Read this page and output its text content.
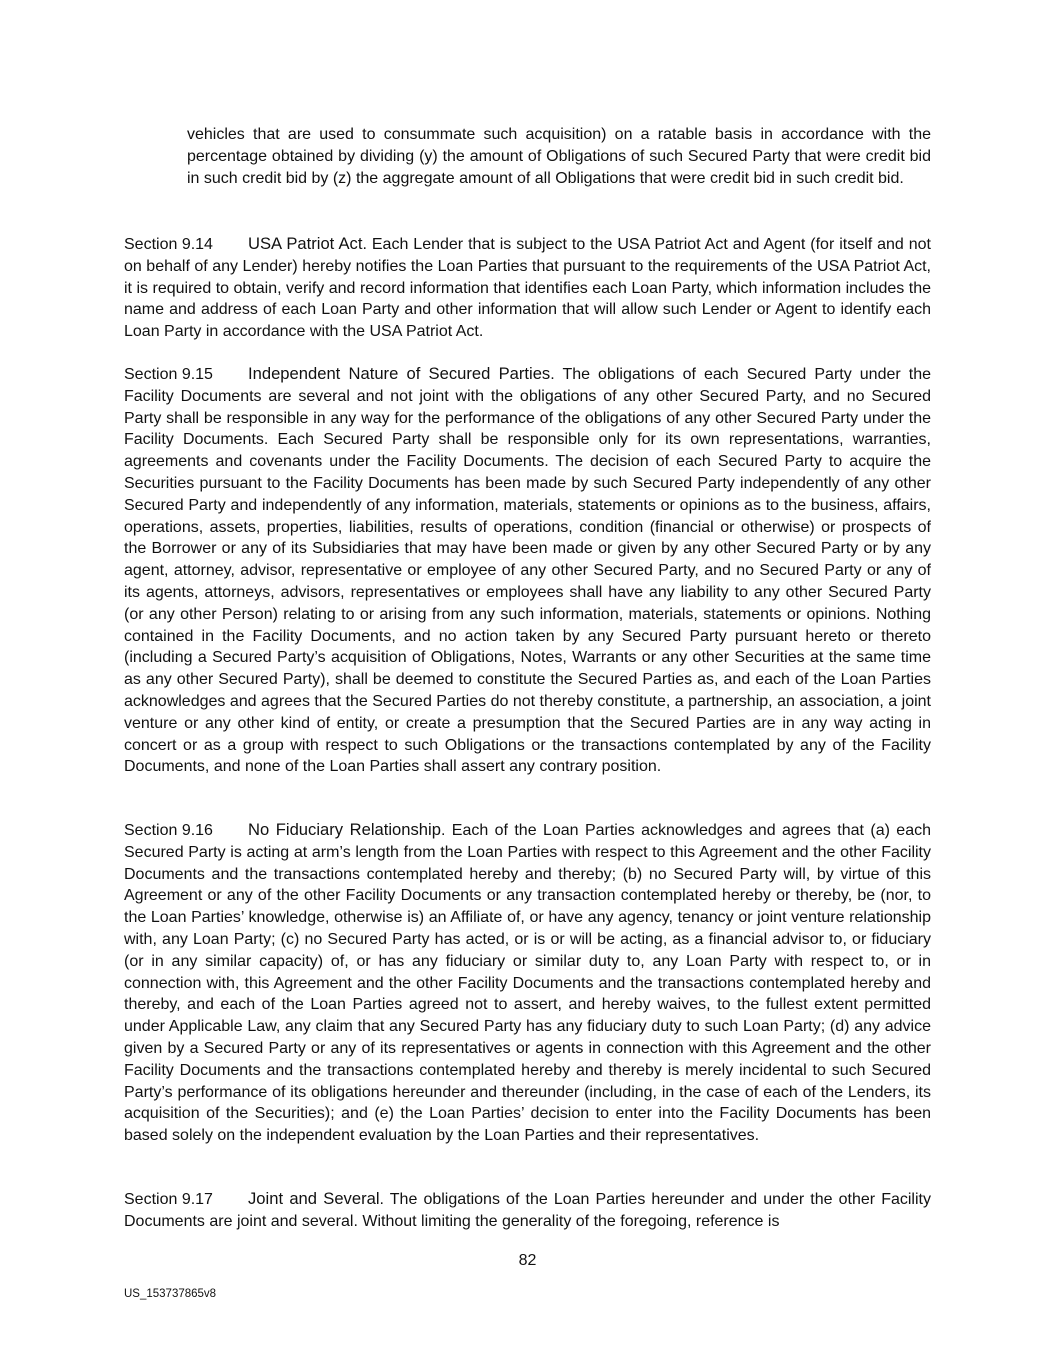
vehicles that are used to consummate such acquisition) on a ratable basis in accordance with the percentage obtained by dividing (y) the amount of Obligations of such Secured Party that were credit bid in such credit bid by (z) the aggregate amount of all Obligations that were credit bid in such credit bid.

Section 9.14 USA Patriot Act. Each Lender that is subject to the USA Patriot Act and Agent (for itself and not on behalf of any Lender) hereby notifies the Loan Parties that pursuant to the requirements of the USA Patriot Act, it is required to obtain, verify and record information that identifies each Loan Party, which information includes the name and address of each Loan Party and other information that will allow such Lender or Agent to identify each Loan Party in accordance with the USA Patriot Act.

Section 9.15 Independent Nature of Secured Parties. The obligations of each Secured Party under the Facility Documents are several and not joint with the obligations of any other Secured Party, and no Secured Party shall be responsible in any way for the performance of the obligations of any other Secured Party under the Facility Documents. Each Secured Party shall be responsible only for its own representations, warranties, agreements and covenants under the Facility Documents. The decision of each Secured Party to acquire the Securities pursuant to the Facility Documents has been made by such Secured Party independently of any other Secured Party and independently of any information, materials, statements or opinions as to the business, affairs, operations, assets, properties, liabilities, results of operations, condition (financial or otherwise) or prospects of the Borrower or any of its Subsidiaries that may have been made or given by any other Secured Party or by any agent, attorney, advisor, representative or employee of any other Secured Party, and no Secured Party or any of its agents, attorneys, advisors, representatives or employees shall have any liability to any other Secured Party (or any other Person) relating to or arising from any such information, materials, statements or opinions. Nothing contained in the Facility Documents, and no action taken by any Secured Party pursuant hereto or thereto (including a Secured Party’s acquisition of Obligations, Notes, Warrants or any other Securities at the same time as any other Secured Party), shall be deemed to constitute the Secured Parties as, and each of the Loan Parties acknowledges and agrees that the Secured Parties do not thereby constitute, a partnership, an association, a joint venture or any other kind of entity, or create a presumption that the Secured Parties are in any way acting in concert or as a group with respect to such Obligations or the transactions contemplated by any of the Facility Documents, and none of the Loan Parties shall assert any contrary position.

Section 9.16 No Fiduciary Relationship. Each of the Loan Parties acknowledges and agrees that (a) each Secured Party is acting at arm’s length from the Loan Parties with respect to this Agreement and the other Facility Documents and the transactions contemplated hereby and thereby; (b) no Secured Party will, by virtue of this Agreement or any of the other Facility Documents or any transaction contemplated hereby or thereby, be (nor, to the Loan Parties’ knowledge, otherwise is) an Affiliate of, or have any agency, tenancy or joint venture relationship with, any Loan Party; (c) no Secured Party has acted, or is or will be acting, as a financial advisor to, or fiduciary (or in any similar capacity) of, or has any fiduciary or similar duty to, any Loan Party with respect to, or in connection with, this Agreement and the other Facility Documents and the transactions contemplated hereby and thereby, and each of the Loan Parties agreed not to assert, and hereby waives, to the fullest extent permitted under Applicable Law, any claim that any Secured Party has any fiduciary duty to such Loan Party; (d) any advice given by a Secured Party or any of its representatives or agents in connection with this Agreement and the other Facility Documents and the transactions contemplated hereby and thereby is merely incidental to such Secured Party’s performance of its obligations hereunder and thereunder (including, in the case of each of the Lenders, its acquisition of the Securities); and (e) the Loan Parties’ decision to enter into the Facility Documents has been based solely on the independent evaluation by the Loan Parties and their representatives.

Section 9.17 Joint and Several. The obligations of the Loan Parties hereunder and under the other Facility Documents are joint and several. Without limiting the generality of the foregoing, reference is

82
US_153737865v8
